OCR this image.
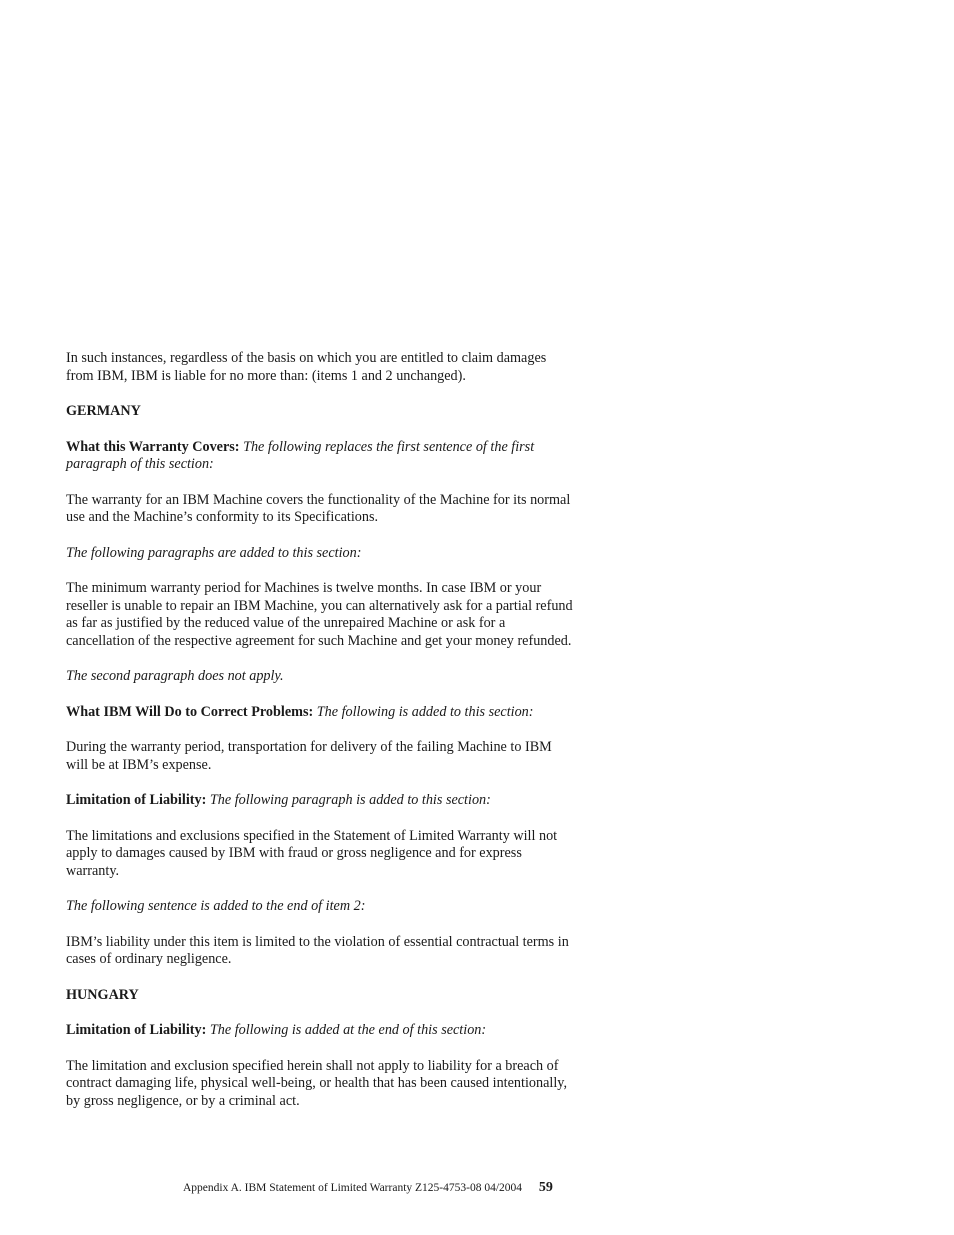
In such instances, regardless of the basis on which you are entitled to claim damages from IBM, IBM is liable for no more than: (items 1 and 2 unchanged).

GERMANY

What this Warranty Covers: The following replaces the first sentence of the first paragraph of this section:

The warranty for an IBM Machine covers the functionality of the Machine for its normal use and the Machine’s conformity to its Specifications.

The following paragraphs are added to this section:

The minimum warranty period for Machines is twelve months. In case IBM or your reseller is unable to repair an IBM Machine, you can alternatively ask for a partial refund as far as justified by the reduced value of the unrepaired Machine or ask for a cancellation of the respective agreement for such Machine and get your money refunded.

The second paragraph does not apply.

What IBM Will Do to Correct Problems: The following is added to this section:

During the warranty period, transportation for delivery of the failing Machine to IBM will be at IBM’s expense.

Limitation of Liability: The following paragraph is added to this section:

The limitations and exclusions specified in the Statement of Limited Warranty will not apply to damages caused by IBM with fraud or gross negligence and for express warranty.

The following sentence is added to the end of item 2:

IBM’s liability under this item is limited to the violation of essential contractual terms in cases of ordinary negligence.

HUNGARY

Limitation of Liability: The following is added at the end of this section:

The limitation and exclusion specified herein shall not apply to liability for a breach of contract damaging life, physical well-being, or health that has been caused intentionally, by gross negligence, or by a criminal act.

Appendix A. IBM Statement of Limited Warranty Z125-4753-08 04/2004 59
